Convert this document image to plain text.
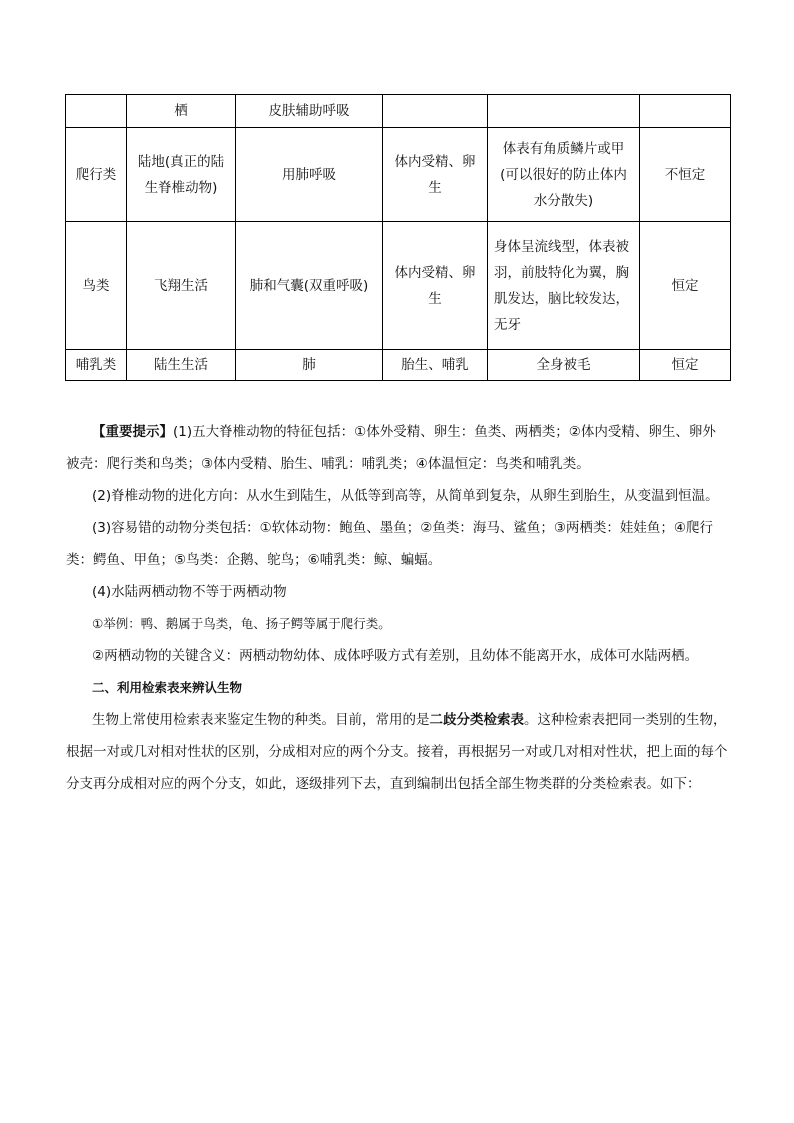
	栖	皮肤辅助呼吸			
爬行类	陆地(真正的陆生脊椎动物)	用肺呼吸	体内受精、卵生	体表有角质鳞片或甲(可以很好的防止体内水分散失)	不恒定
鸟类	飞翔生活	肺和气囊(双重呼吸)	体内受精、卵生	身体呈流线型，体表被羽，前肢特化为翼，胸肌发达，脑比较发达，无牙	恒定
哺乳类	陆生生活	肺	胎生、哺乳	全身被毛	恒定

【重要提示】(1)五大脊椎动物的特征包括：①体外受精、卵生：鱼类、两栖类；②体内受精、卵生、卵外被壳：爬行类和鸟类；③体内受精、胎生、哺乳：哺乳类；④体温恒定：鸟类和哺乳类。

(2)脊椎动物的进化方向：从水生到陆生，从低等到高等，从简单到复杂，从卵生到胎生，从变温到恒温。

(3)容易错的动物分类包括：①软体动物：鲍鱼、墨鱼；②鱼类：海马、鲨鱼；③两栖类：娃娃鱼；④爬行类：鳄鱼、甲鱼；⑤鸟类：企鹅、鸵鸟；⑥哺乳类：鲸、蝙蝠。

(4)水陆两栖动物不等于两栖动物

①举例：鸭、鹅属于鸟类，龟、扬子鳄等属于爬行类。

②两栖动物的关键含义：两栖动物幼体、成体呼吸方式有差别，且幼体不能离开水，成体可水陆两栖。

二、利用检索表来辨认生物

生物上常使用检索表来鉴定生物的种类。目前，常用的是二歧分类检索表。这种检索表把同一类别的生物，根据一对或几对相对性状的区别，分成相对应的两个分支。接着，再根据另一对或几对相对性状，把上面的每个分支再分成相对应的两个分支，如此，逐级排列下去，直到编制出包括全部生物类群的分类检索表。如下：
